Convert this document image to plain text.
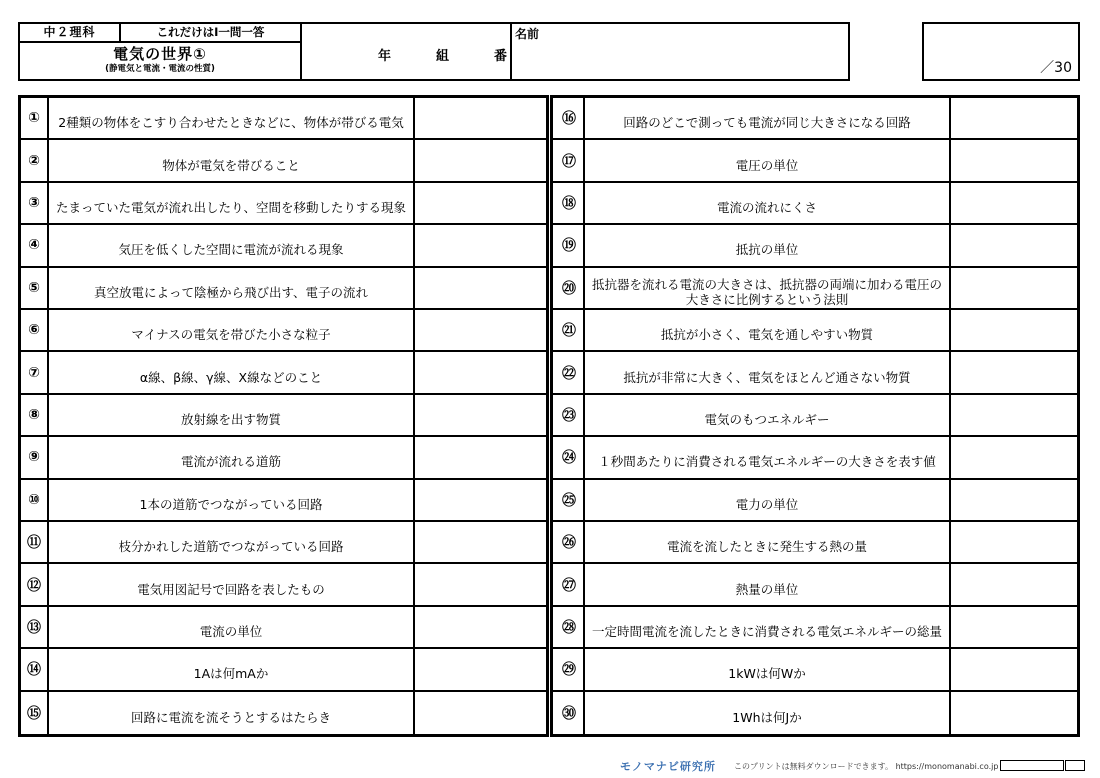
中２理科	これだけはⅠ一問一答
電気の世界①
(静電気と電流・電流の性質)
年	組	番
名前
／30
①	2種類の物体をこすり合わせたときなどに、物体が帯びる電気
②	物体が電気を帯びること
③	たまっていた電気が流れ出したり、空間を移動したりする現象
④	気圧を低くした空間に電流が流れる現象
⑤	真空放電によって陰極から飛び出す、電子の流れ
⑥	マイナスの電気を帯びた小さな粒子
⑦	α線、β線、γ線、X線などのこと
⑧	放射線を出す物質
⑨	電流が流れる道筋
⑩	1本の道筋でつながっている回路
⑪	枝分かれした道筋でつながっている回路
⑫	電気用図記号で回路を表したもの
⑬	電流の単位
⑭	1Aは何mAか
⑮	回路に電流を流そうとするはたらき
⑯	回路のどこで測っても電流が同じ大きさになる回路
⑰	電圧の単位
⑱	電流の流れにくさ
⑲	抵抗の単位
⑳	抵抗器を流れる電流の大きさは、抵抗器の両端に加わる電圧の大きさに比例するという法則
㉑	抵抗が小さく、電気を通しやすい物質
㉒	抵抗が非常に大きく、電気をほとんど通さない物質
㉓	電気のもつエネルギー
㉔	１秒間あたりに消費される電気エネルギーの大きさを表す値
㉕	電力の単位
㉖	電流を流したときに発生する熱の量
㉗	熱量の単位
㉘	一定時間電流を流したときに消費される電気エネルギーの総量
㉙	1kWは何Wか
㉚	1Whは何Jか
モノマナビ研究所 このプリントは無料ダウンロードできます。 https://monomanabi.co.jp
